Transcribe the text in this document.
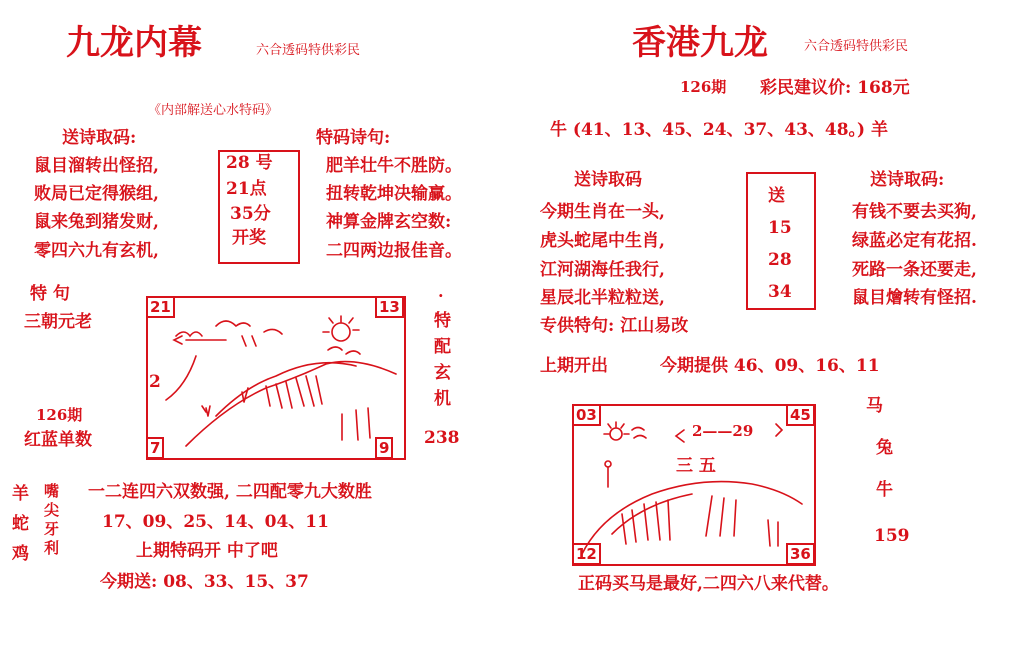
九龙内幕	六合透码特供彩民
《内部解送心水特码》
送诗取码:
鼠目溜转出怪招,
败局已定得猴组,
鼠来兔到猪发财,
零四六九有玄机,
28 号
21点
35分
开奖
特码诗句:
肥羊壮牛不胜防。
扭转乾坤决输赢。
神算金牌玄空数:
二四两边报佳音。
特 句
三朝元老
21	13
7	9
2
·
特配玄机
126期
红蓝单数	238
羊
蛇
鸡
嘴
尖
牙
利
一二连四六双数强, 二四配零九大数胜
17、09、25、14、04、11
上期特码开 中了吧
今期送: 08、33、15、37
香港九龙	六合透码特供彩民
126期 彩民建议价: 168元
牛 (41、13、45、24、37、43、48。) 羊
送诗取码
今期生肖在一头,
虎头蛇尾中生肖,
江河湖海任我行,
星辰北半粒粒送,
专供特句: 江山易改
送
15
28
34
送诗取码:
有钱不要去买狗,
绿蓝必定有花招.
死路一条还要走,
鼠目燴转有怪招.
上期开出	今期提供 46、09、16、11
03	45
12	36
2——29
三 五
马
兔
牛
159
正码买马是最好,二四六八来代替。
